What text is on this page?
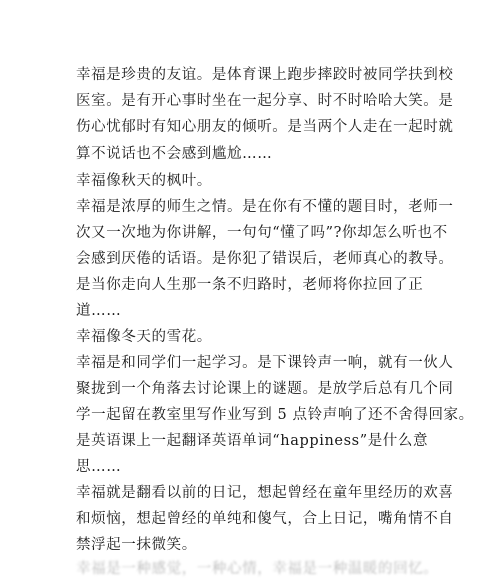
幸福是珍贵的友谊。是体育课上跑步摔跤时被同学扶到校
医室。是有开心事时坐在一起分享、时不时哈哈大笑。是
伤心忧郁时有知心朋友的倾听。是当两个人走在一起时就
算不说话也不会感到尴尬……
幸福像秋天的枫叶。
幸福是浓厚的师生之情。是在你有不懂的题目时，老师一
次又一次地为你讲解，一句句“懂了吗”?你却怎么听也不
会感到厌倦的话语。是你犯了错误后，老师真心的教导。
是当你走向人生那一条不归路时，老师将你拉回了正
道……
幸福像冬天的雪花。
幸福是和同学们一起学习。是下课铃声一响，就有一伙人
聚拢到一个角落去讨论课上的谜题。是放学后总有几个同
学一起留在教室里写作业写到 5 点铃声响了还不舍得回家。
是英语课上一起翻译英语单词“happiness”是什么意
思……
幸福就是翻看以前的日记，想起曾经在童年里经历的欢喜
和烦恼，想起曾经的单纯和傻气，合上日记，嘴角情不自
禁浮起一抹微笑。
幸福是一种感觉，一种心情，幸福是一种温暖的回忆。
